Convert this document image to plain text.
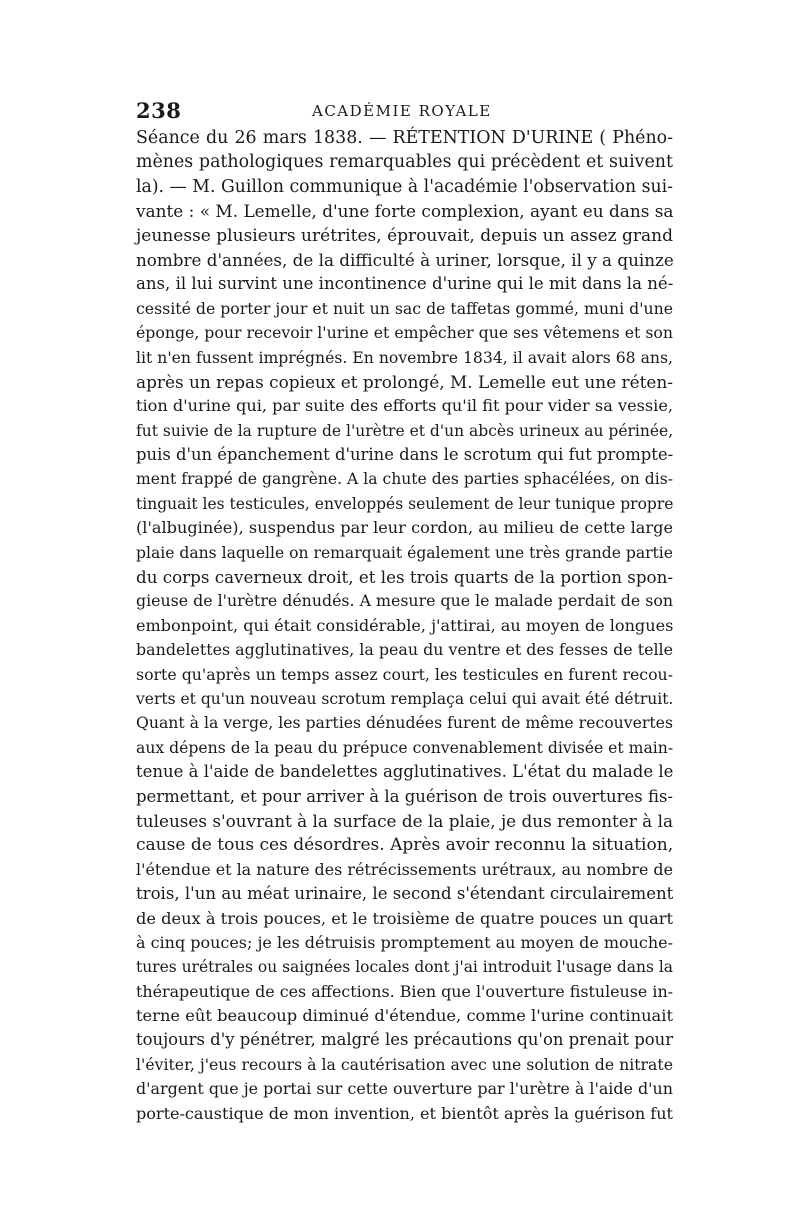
238	ACADÉMIE ROYALE
Séance du 26 mars 1838. — RÉTENTION D'URINE ( Phéno-
mènes pathologiques remarquables qui précèdent et suivent
la). — M. Guillon communique à l'académie l'observation sui-
vante : « M. Lemelle, d'une forte complexion, ayant eu dans sa
jeunesse plusieurs urétrites, éprouvait, depuis un assez grand
nombre d'années, de la difficulté à uriner, lorsque, il y a quinze
ans, il lui survint une incontinence d'urine qui le mit dans la né-
cessité de porter jour et nuit un sac de taffetas gommé, muni d'une
éponge, pour recevoir l'urine et empêcher que ses vêtemens et son
lit n'en fussent imprégnés. En novembre 1834, il avait alors 68 ans,
après un repas copieux et prolongé, M. Lemelle eut une réten-
tion d'urine qui, par suite des efforts qu'il fit pour vider sa vessie,
fut suivie de la rupture de l'urètre et d'un abcès urineux au périnée,
puis d'un épanchement d'urine dans le scrotum qui fut prompte-
ment frappé de gangrène. A la chute des parties sphacélées, on dis-
tinguait les testicules, enveloppés seulement de leur tunique propre
(l'albuginée), suspendus par leur cordon, au milieu de cette large
plaie dans laquelle on remarquait également une très grande partie
du corps caverneux droit, et les trois quarts de la portion spon-
gieuse de l'urètre dénudés. A mesure que le malade perdait de son
embonpoint, qui était considérable, j'attirai, au moyen de longues
bandelettes agglutinatives, la peau du ventre et des fesses de telle
sorte qu'après un temps assez court, les testicules en furent recou-
verts et qu'un nouveau scrotum remplaça celui qui avait été détruit.
Quant à la verge, les parties dénudées furent de même recouvertes
aux dépens de la peau du prépuce convenablement divisée et main-
tenue à l'aide de bandelettes agglutinatives. L'état du malade le
permettant, et pour arriver à la guérison de trois ouvertures fis-
tuleuses s'ouvrant à la surface de la plaie, je dus remonter à la
cause de tous ces désordres. Après avoir reconnu la situation,
l'étendue et la nature des rétrécissements urétraux, au nombre de
trois, l'un au méat urinaire, le second s'étendant circulairement
de deux à trois pouces, et le troisième de quatre pouces un quart
à cinq pouces; je les détruisis promptement au moyen de mouche-
tures urétrales ou saignées locales dont j'ai introduit l'usage dans la
thérapeutique de ces affections. Bien que l'ouverture fistuleuse in-
terne eût beaucoup diminué d'étendue, comme l'urine continuait
toujours d'y pénétrer, malgré les précautions qu'on prenait pour
l'éviter, j'eus recours à la cautérisation avec une solution de nitrate
d'argent que je portai sur cette ouverture par l'urètre à l'aide d'un
porte-caustique de mon invention, et bientôt après la guérison fut
